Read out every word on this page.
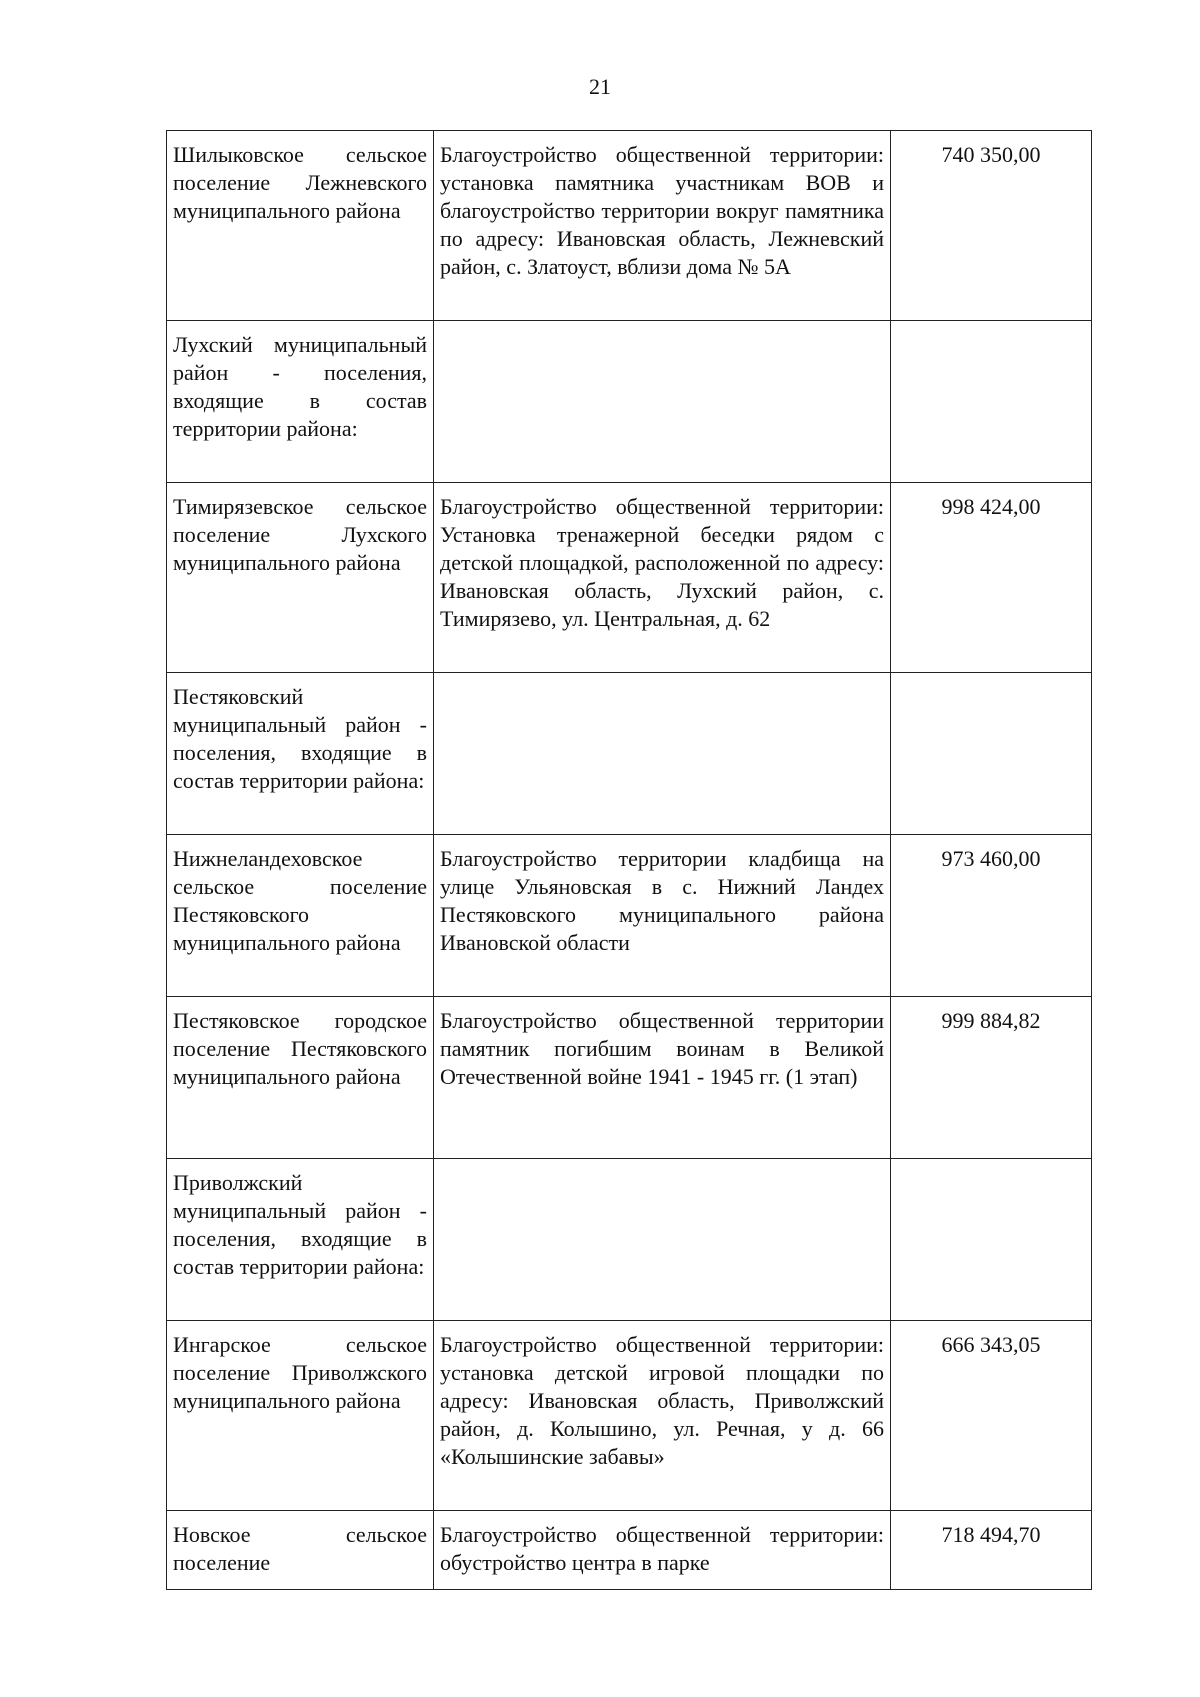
21
Шилыковское сельское поселение Лежневского муниципального района	Благоустройство общественной территории: установка памятника участникам ВОВ и благоустройство территории вокруг памятника по адресу: Ивановская область, Лежневский район, с. Златоуст, вблизи дома № 5А	740 350,00

Лухский муниципальный район - поселения, входящие в состав территории района:		

Тимирязевское сельское поселение Лухского муниципального района	Благоустройство общественной территории: Установка тренажерной беседки рядом с детской площадкой, расположенной по адресу: Ивановская область, Лухский район, с. Тимирязево, ул. Центральная, д. 62	998 424,00

Пестяковский муниципальный район - поселения, входящие в состав территории района:		

Нижнеландеховское сельское поселение Пестяковского муниципального района	Благоустройство территории кладбища на улице Ульяновская в с. Нижний Ландех Пестяковского муниципального района Ивановской области	973 460,00

Пестяковское городское поселение Пестяковского муниципального района	Благоустройство общественной территории памятник погибшим воинам в Великой Отечественной войне 1941 - 1945 гг. (1 этап)	999 884,82

Приволжский муниципальный район - поселения, входящие в состав территории района:		

Ингарское сельское поселение Приволжского муниципального района	Благоустройство общественной территории: установка детской игровой площадки по адресу: Ивановская область, Приволжский район, д. Колышино, ул. Речная, у д. 66 «Колышинские забавы»	666 343,05

Новское сельское поселение	Благоустройство общественной территории: обустройство центра в парке	718 494,70
